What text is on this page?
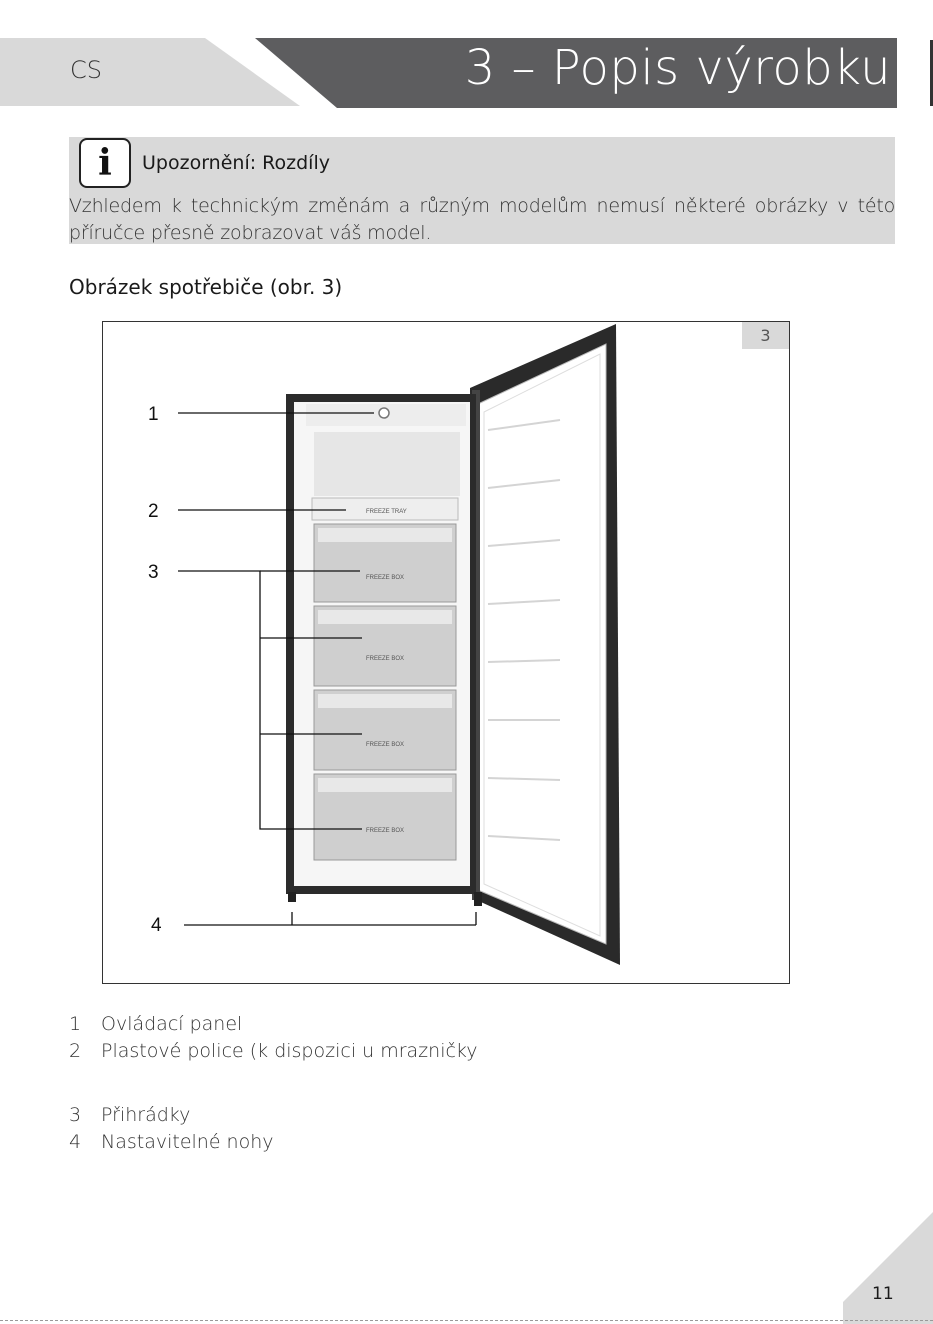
CS	3 – Popis výrobku
i	Upozornění: Rozdíly
Vzhledem k technickým změnám a různým modelům nemusí některé obrázky v této příručce přesně zobrazovat váš model.
Obrázek spotřebiče (obr. 3)
3
FREEZE TRAY
FREEZE BOX
FREEZE BOX
FREEZE BOX
FREEZE BOX
1
2
3
4
1 Ovládací panel
2 Plastové police (k dispozici u mrazničky
3 Přihrádky
4 Nastavitelné nohy
11
